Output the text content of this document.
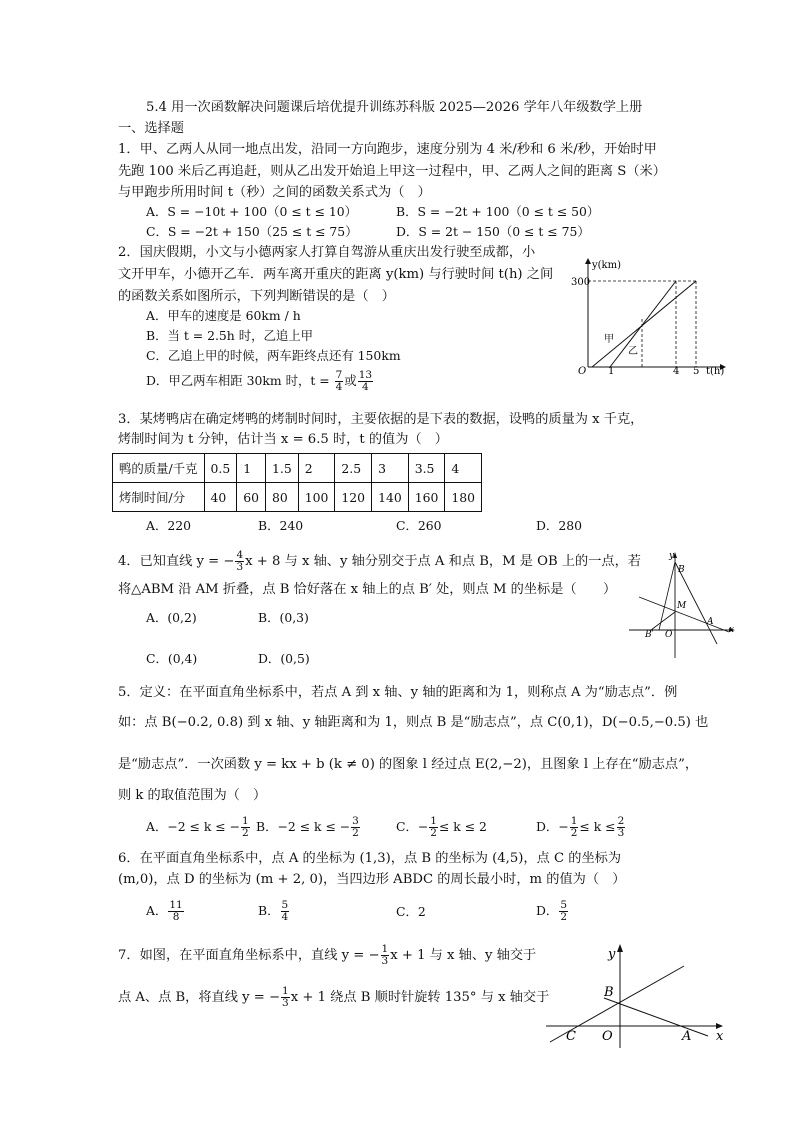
5.4 用一次函数解决问题课后培优提升训练苏科版 2025—2026 学年八年级数学上册
一、选择题
1．甲、乙两人从同一地点出发，沿同一方向跑步，速度分别为 4 米/秒和 6 米/秒，开始时甲
先跑 100 米后乙再追赶，则从乙出发开始追上甲这一过程中，甲、乙两人之间的距离 S（米）
与甲跑步所用时间 t（秒）之间的函数关系式为（　）
A．S = −10t + 100（0 ≤ t ≤ 10）	B．S = −2t + 100（0 ≤ t ≤ 50）
C．S = −2t + 150（25 ≤ t ≤ 75）	D．S = 2t − 150（0 ≤ t ≤ 75）
2．国庆假期，小文与小德两家人打算自驾游从重庆出发行驶至成都，小
文开甲车，小德开乙车．两车离开重庆的距离 y(km) 与行驶时间 t(h) 之间
的函数关系如图所示，下列判断错误的是（　）
A．甲车的速度是 60km / h
B．当 t = 2.5h 时，乙追上甲
C．乙追上甲的时候，两车距终点还有 150km
D．甲乙两车相距 30km 时，$t = \frac{7}{4}$ 或 $\frac{13}{4}$
y(km)
300
O 1	4 5 t(h)
甲
乙
3．某烤鸭店在确定烤鸭的烤制时间时，主要依据的是下表的数据，设鸭的质量为 x 千克，
烤制时间为 t 分钟，估计当 x = 6.5 时，t 的值为（　）
鸭的质量/千克	0.5	1	1.5	2	2.5	3	3.5	4
烤制时间/分	40	60	80	100	120	140	160	180
A．220	B．240	C．260	D．280
4．已知直线 y = − $\frac{4}{3}$ x + 8 与 x 轴、y 轴分别交于点 A 和点 B，M 是 OB 上的一点，若
将△ABM 沿 AM 折叠，点 B 恰好落在 x 轴上的点 B′ 处，则点 M 的坐标是（　　）
A．(0,2)	B．(0,3)
C．(0,4)	D．(0,5)
y
x
B
M
B′ O
A
5．定义：在平面直角坐标系中，若点 A 到 x 轴、y 轴的距离和为 1，则称点 A 为“励志点”．例
如：点 B(−0.2, 0.8) 到 x 轴、y 轴距离和为 1，则点 B 是“励志点”，点 C(0,1)，D(−0.5,−0.5) 也
是“励志点”．一次函数 y = kx + b (k ≠ 0) 的图象 l 经过点 E(2,−2)，且图象 l 上存在“励志点”，
则 k 的取值范围为（　）
A．−2 ≤ k ≤ − $\frac{1}{2}$ B．−2 ≤ k ≤ − $\frac{3}{2}$	C．− $\frac{1}{2} \le k \le 2$	D．− $\frac{1}{2} \le k \le \frac{2}{3}$
6．在平面直角坐标系中，点 A 的坐标为 (1,3)，点 B 的坐标为 (4,5)，点 C 的坐标为
(m,0)，点 D 的坐标为 (m + 2, 0)，当四边形 ABDC 的周长最小时，m 的值为（　）
A． $\frac{11}{8}$	B． $\frac{5}{4}$	C．2	D． $\frac{5}{2}$
7．如图，在平面直角坐标系中，直线 y = − $\frac{1}{3}$ x + 1 与 x 轴、y 轴交于
点 A、点 B，将直线 y = − $\frac{1}{3}$ x + 1 绕点 B 顺时针旋转 135° 与 x 轴交于
y
x
B
C O	A
